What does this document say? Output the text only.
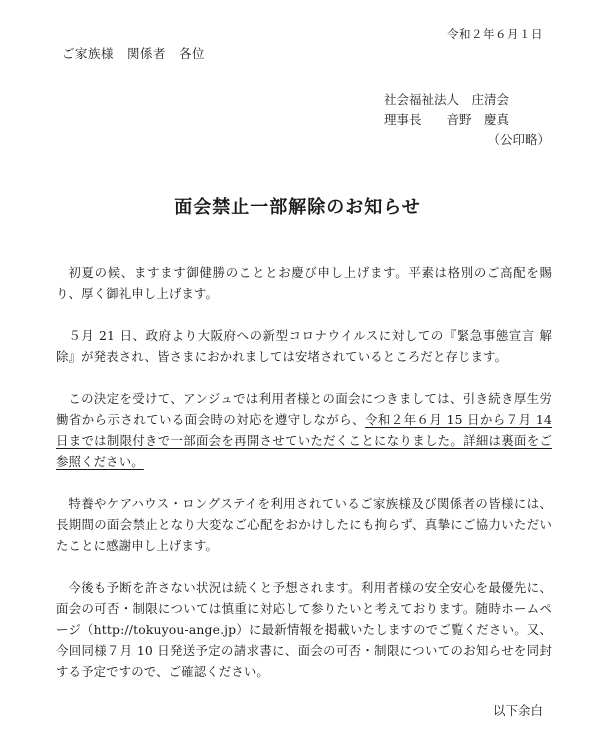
令和２年６月１日
ご家族様　関係者　各位
社会福祉法人　庄清会
理事長　　音野　慶真
（公印略）
面会禁止一部解除のお知らせ

初夏の候、ますます御健勝のこととお慶び申し上げます。平素は格別のご高配を賜り、厚く御礼申し上げます。

５月 21 日、政府より大阪府への新型コロナウイルスに対しての『緊急事態宣言 解除』が発表され、皆さまにおかれましては安堵されているところだと存じます。

この決定を受けて、アンジュでは利用者様との面会につきましては、引き続き厚生労働省から示されている面会時の対応を遵守しながら、令和２年６月 15 日から７月 14 日までは制限付きで一部面会を再開させていただくことになりました。詳細は裏面をご参照ください。

特養やケアハウス・ロングステイを利用されているご家族様及び関係者の皆様には、長期間の面会禁止となり大変なご心配をおかけしたにも拘らず、真摯にご協力いただいたことに感謝申し上げます。

今後も予断を許さない状況は続くと予想されます。利用者様の安全安心を最優先に、面会の可否・制限については慎重に対応して参りたいと考えております。随時ホームページ（http://tokuyou-ange.jp）に最新情報を掲載いたしますのでご覧ください。又、今回同様７月 10 日発送予定の請求書に、面会の可否・制限についてのお知らせを同封する予定ですので、ご確認ください。

以下余白
